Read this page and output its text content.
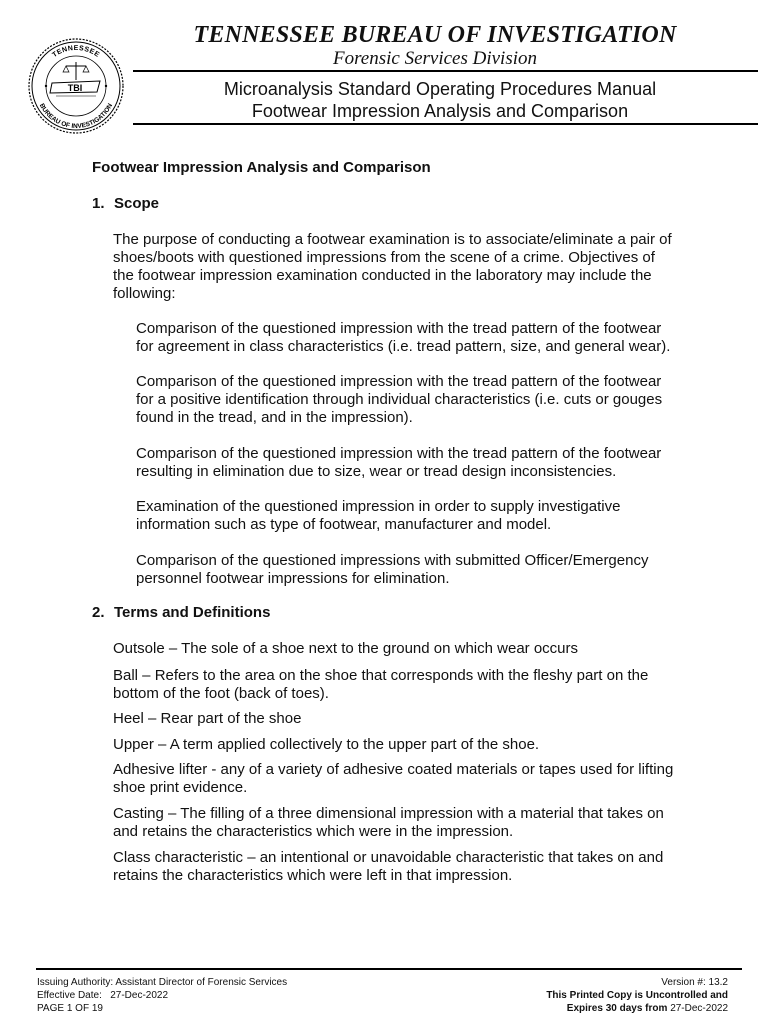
TENNESSEE
BUREAU OF INVESTIGATION
TBI
TENNESSEE BUREAU OF INVESTIGATION
Forensic Services Division
Microanalysis Standard Operating Procedures Manual
Footwear Impression Analysis and Comparison
Footwear Impression Analysis and Comparison
1. Scope

The purpose of conducting a footwear examination is to associate/eliminate a pair of
shoes/boots with questioned impressions from the scene of a crime. Objectives of
the footwear impression examination conducted in the laboratory may include the
following:

Comparison of the questioned impression with the tread pattern of the footwear
for agreement in class characteristics (i.e. tread pattern, size, and general wear).

Comparison of the questioned impression with the tread pattern of the footwear
for a positive identification through individual characteristics (i.e. cuts or gouges
found in the tread, and in the impression).

Comparison of the questioned impression with the tread pattern of the footwear
resulting in elimination due to size, wear or tread design inconsistencies.

Examination of the questioned impression in order to supply investigative
information such as type of footwear, manufacturer and model.

Comparison of the questioned impressions with submitted Officer/Emergency
personnel footwear impressions for elimination.

2. Terms and Definitions

Outsole – The sole of a shoe next to the ground on which wear occurs

Ball – Refers to the area on the shoe that corresponds with the fleshy part on the
bottom of the foot (back of toes).

Heel – Rear part of the shoe

Upper – A term applied collectively to the upper part of the shoe.

Adhesive lifter - any of a variety of adhesive coated materials or tapes used for lifting
shoe print evidence.

Casting – The filling of a three dimensional impression with a material that takes on
and retains the characteristics which were in the impression.

Class characteristic – an intentional or unavoidable characteristic that takes on and
retains the characteristics which were left in that impression.

Issuing Authority: Assistant Director of Forensic Services
Effective Date: 27-Dec-2022
PAGE 1 OF 19
Version #: 13.2
This Printed Copy is Uncontrolled and
Expires 30 days from 27-Dec-2022
